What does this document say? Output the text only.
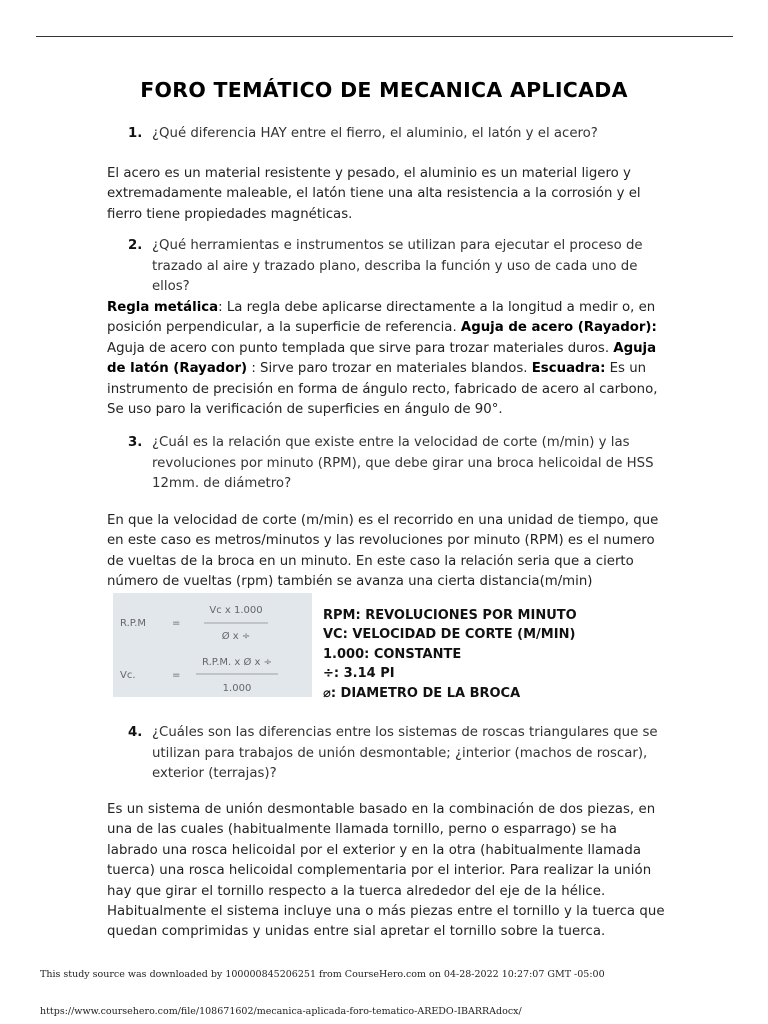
FORO TEMÁTICO DE MECANICA APLICADA
1. ¿Qué diferencia HAY entre el fierro, el aluminio, el latón y el acero?
El acero es un material resistente y pesado, el aluminio es un material ligero y extremadamente maleable, el latón tiene una alta resistencia a la corrosión y el fierro tiene propiedades magnéticas.
2. ¿Qué herramientas e instrumentos se utilizan para ejecutar el proceso de trazado al aire y trazado plano, describa la función y uso de cada uno de ellos?
Regla metálica: La regla debe aplicarse directamente a la longitud a medir o, en posición perpendicular, a la superficie de referencia. Aguja de acero (Rayador): Aguja de acero con punto templada que sirve para trozar materiales duros. Aguja de latón (Rayador) : Sirve paro trozar en materiales blandos. Escuadra: Es un instrumento de precisión en forma de ángulo recto, fabricado de acero al carbono, Se uso paro la verificación de superficies en ángulo de 90°.
3. ¿Cuál es la relación que existe entre la velocidad de corte (m/min) y las revoluciones por minuto (RPM), que debe girar una broca helicoidal de HSS 12mm. de diámetro?
En que la velocidad de corte (m/min) es el recorrido en una unidad de tiempo, que en este caso es metros/minutos y las revoluciones por minuto (RPM) es el numero de vueltas de la broca en un minuto. En este caso la relación seria que a cierto número de vueltas (rpm) también se avanza una cierta distancia(m/min)
R.P.M	=
Vc x 1.000
Ø x ÷
Vc.	=
R.P.M. x Ø x ÷
1.000
RPM: REVOLUCIONES POR MINUTO
VC: VELOCIDAD DE CORTE (M/MIN)
1.000: CONSTANTE
÷: 3.14 PI
⌀: DIAMETRO DE LA BROCA
4. ¿Cuáles son las diferencias entre los sistemas de roscas triangulares que se utilizan para trabajos de unión desmontable; ¿interior (machos de roscar), exterior (terrajas)?
Es un sistema de unión desmontable basado en la combinación de dos piezas, en una de las cuales (habitualmente llamada tornillo, perno o esparrago) se ha labrado una rosca helicoidal por el exterior y en la otra (habitualmente llamada tuerca) una rosca helicoidal complementaria por el interior. Para realizar la unión hay que girar el tornillo respecto a la tuerca alrededor del eje de la hélice. Habitualmente el sistema incluye una o más piezas entre el tornillo y la tuerca que quedan comprimidas y unidas entre sial apretar el tornillo sobre la tuerca.
This study source was downloaded by 100000845206251 from CourseHero.com on 04-28-2022 10:27:07 GMT -05:00
https://www.coursehero.com/file/108671602/mecanica-aplicada-foro-tematico-AREDO-IBARRAdocx/
